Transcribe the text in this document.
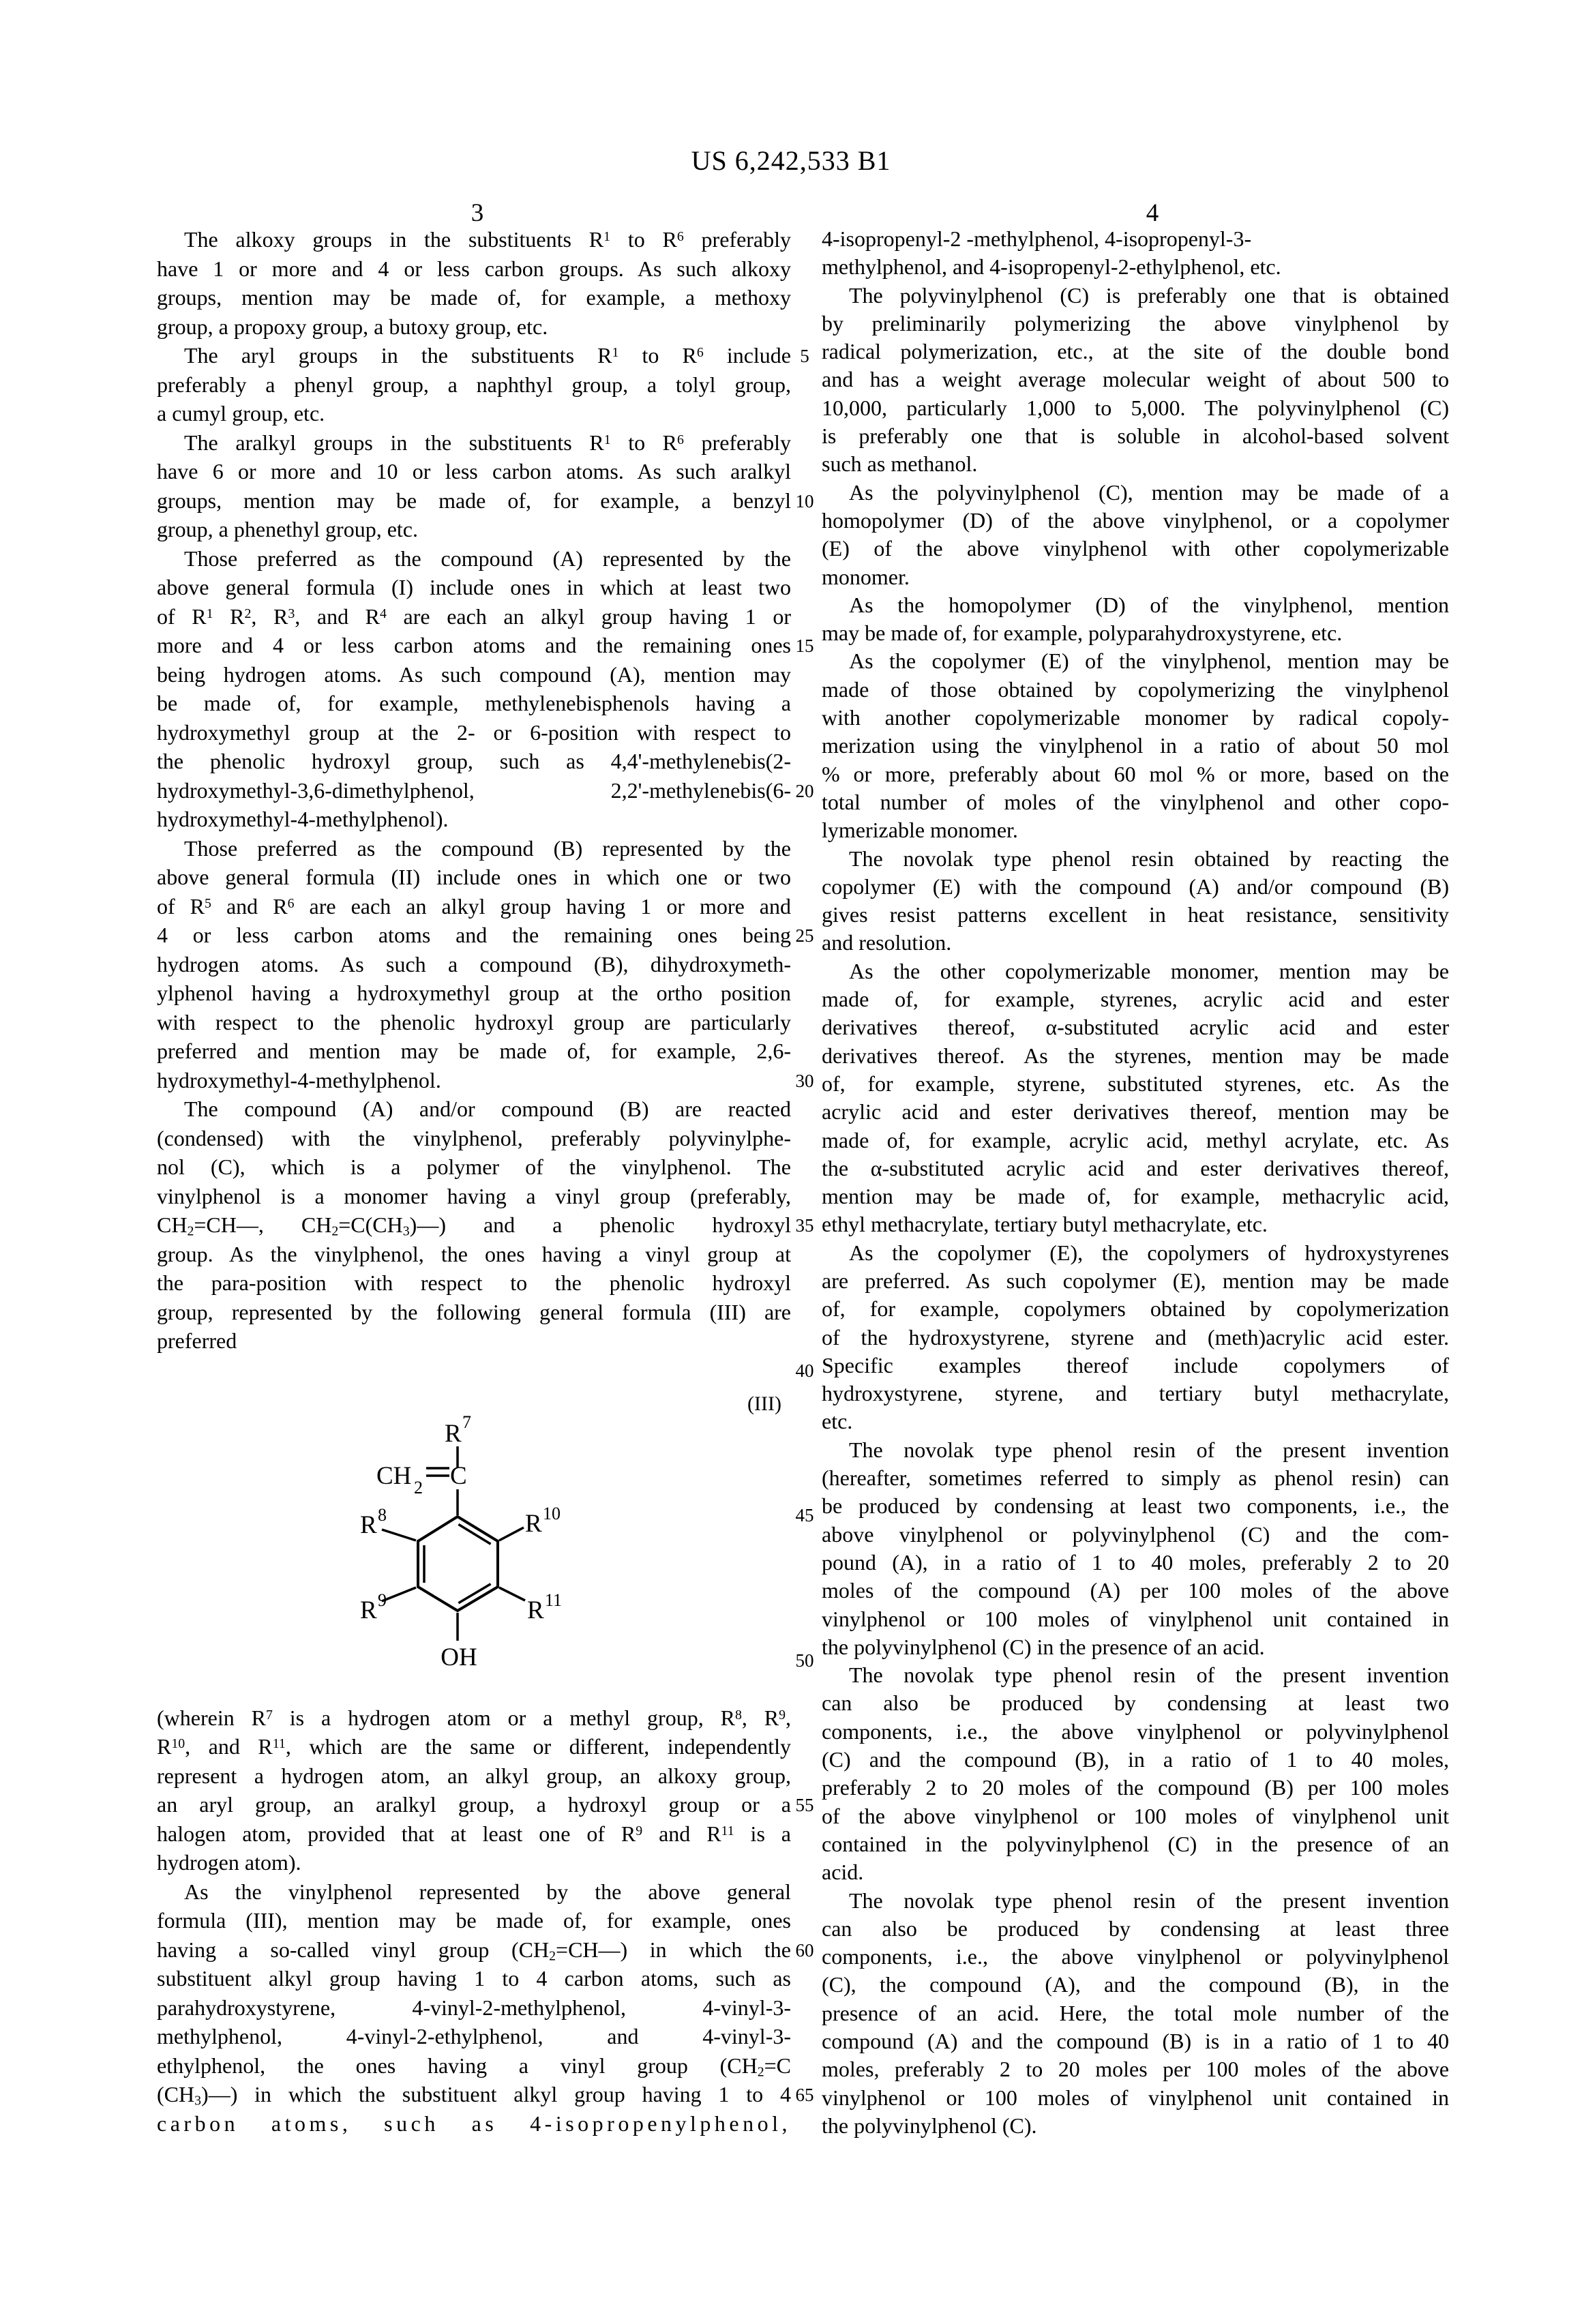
US 6,242,533 B1
3	4
The alkoxy groups in the substituents $R^1$ to $R^6$ preferably
have 1 or more and 4 or less carbon groups. As such alkoxy
groups, mention may be made of, for example, a methoxy
group, a propoxy group, a butoxy group, etc.
The aryl groups in the substituents $R^1$ to $R^6$ include
preferably a phenyl group, a naphthyl group, a tolyl group,
a cumyl group, etc.
The aralkyl groups in the substituents $R^1$ to $R^6$ preferably
have 6 or more and 10 or less carbon atoms. As such aralkyl
groups, mention may be made of, for example, a benzyl
group, a phenethyl group, etc.
Those preferred as the compound (A) represented by the
above general formula (I) include ones in which at least two
of $R^1$ $R^2$, $R^3$, and $R^4$ are each an alkyl group having 1 or
more and 4 or less carbon atoms and the remaining ones
being hydrogen atoms. As such compound (A), mention may
be made of, for example, methylenebisphenols having a
hydroxymethyl group at the 2- or 6-position with respect to
the phenolic hydroxyl group, such as 4,4'-methylenebis(2-
hydroxymethyl-3,6-dimethylphenol, 2,2'-methylenebis(6-
hydroxymethyl-4-methylphenol).
Those preferred as the compound (B) represented by the
above general formula (II) include ones in which one or two
of $R^5$ and $R^6$ are each an alkyl group having 1 or more and
4 or less carbon atoms and the remaining ones being
hydrogen atoms. As such a compound (B), dihydroxymeth-
ylphenol having a hydroxymethyl group at the ortho position
with respect to the phenolic hydroxyl group are particularly
preferred and mention may be made of, for example, 2,6-
hydroxymethyl-4-methylphenol.
The compound (A) and/or compound (B) are reacted
(condensed) with the vinylphenol, preferably polyvinylphe-
nol (C), which is a polymer of the vinylphenol. The
vinylphenol is a monomer having a vinyl group (preferably,
$CH_2=CH—$, $CH_2=C(CH_3)—$) and a phenolic hydroxyl
group. As the vinylphenol, the ones having a vinyl group at
the para-position with respect to the phenolic hydroxyl
group, represented by the following general formula (III) are
preferred
(III)
R 7
CH 2 C
R 8	R 10
R 9	R 11
OH
(wherein $R^7$ is a hydrogen atom or a methyl group, $R^8$, $R^9$,
$R^{10}$, and $R^{11}$, which are the same or different, independently
represent a hydrogen atom, an alkyl group, an alkoxy group,
an aryl group, an aralkyl group, a hydroxyl group or a
halogen atom, provided that at least one of $R^9$ and $R^{11}$ is a
hydrogen atom).
As the vinylphenol represented by the above general
formula (III), mention may be made of, for example, ones
having a so-called vinyl group $(CH_2=CH—)$ in which the
substituent alkyl group having 1 to 4 carbon atoms, such as
parahydroxystyrene, 4-vinyl-2-methylphenol, 4-vinyl-3-
methylphenol, 4-vinyl-2-ethylphenol, and 4-vinyl-3-
ethylphenol, the ones having a vinyl group ($CH_2=C$
$(CH_3)—$) in which the substituent alkyl group having 1 to 4
carbon atoms, such as 4-isopropenylphenol,
4-isopropenyl-2 -methylphenol, 4-isopropenyl-3-
methylphenol, and 4-isopropenyl-2-ethylphenol, etc.
The polyvinylphenol (C) is preferably one that is obtained
by preliminarily polymerizing the above vinylphenol by
radical polymerization, etc., at the site of the double bond
and has a weight average molecular weight of about 500 to
10,000, particularly 1,000 to 5,000. The polyvinylphenol (C)
is preferably one that is soluble in alcohol-based solvent
such as methanol.
As the polyvinylphenol (C), mention may be made of a
homopolymer (D) of the above vinylphenol, or a copolymer
(E) of the above vinylphenol with other copolymerizable
monomer.
As the homopolymer (D) of the vinylphenol, mention
may be made of, for example, polyparahydroxystyrene, etc.
As the copolymer (E) of the vinylphenol, mention may be
made of those obtained by copolymerizing the vinylphenol
with another copolymerizable monomer by radical copoly-
merization using the vinylphenol in a ratio of about 50 mol
% or more, preferably about 60 mol % or more, based on the
total number of moles of the vinylphenol and other copo-
lymerizable monomer.
The novolak type phenol resin obtained by reacting the
copolymer (E) with the compound (A) and/or compound (B)
gives resist patterns excellent in heat resistance, sensitivity
and resolution.
As the other copolymerizable monomer, mention may be
made of, for example, styrenes, acrylic acid and ester
derivatives thereof, α-substituted acrylic acid and ester
derivatives thereof. As the styrenes, mention may be made
of, for example, styrene, substituted styrenes, etc. As the
acrylic acid and ester derivatives thereof, mention may be
made of, for example, acrylic acid, methyl acrylate, etc. As
the α-substituted acrylic acid and ester derivatives thereof,
mention may be made of, for example, methacrylic acid,
ethyl methacrylate, tertiary butyl methacrylate, etc.
As the copolymer (E), the copolymers of hydroxystyrenes
are preferred. As such copolymer (E), mention may be made
of, for example, copolymers obtained by copolymerization
of the hydroxystyrene, styrene and (meth)acrylic acid ester.
Specific examples thereof include copolymers of
hydroxystyrene, styrene, and tertiary butyl methacrylate,
etc.
The novolak type phenol resin of the present invention
(hereafter, sometimes referred to simply as phenol resin) can
be produced by condensing at least two components, i.e., the
above vinylphenol or polyvinylphenol (C) and the com-
pound (A), in a ratio of 1 to 40 moles, preferably 2 to 20
moles of the compound (A) per 100 moles of the above
vinylphenol or 100 moles of vinylphenol unit contained in
the polyvinylphenol (C) in the presence of an acid.
The novolak type phenol resin of the present invention
can also be produced by condensing at least two
components, i.e., the above vinylphenol or polyvinylphenol
(C) and the compound (B), in a ratio of 1 to 40 moles,
preferably 2 to 20 moles of the compound (B) per 100 moles
of the above vinylphenol or 100 moles of vinylphenol unit
contained in the polyvinylphenol (C) in the presence of an
acid.
The novolak type phenol resin of the present invention
can also be produced by condensing at least three
components, i.e., the above vinylphenol or polyvinylphenol
(C), the compound (A), and the compound (B), in the
presence of an acid. Here, the total mole number of the
compound (A) and the compound (B) is in a ratio of 1 to 40
moles, preferably 2 to 20 moles per 100 moles of the above
vinylphenol or 100 moles of vinylphenol unit contained in
the polyvinylphenol (C).
5
10
15
20
25
30
35
40
45
50
55
60
65
